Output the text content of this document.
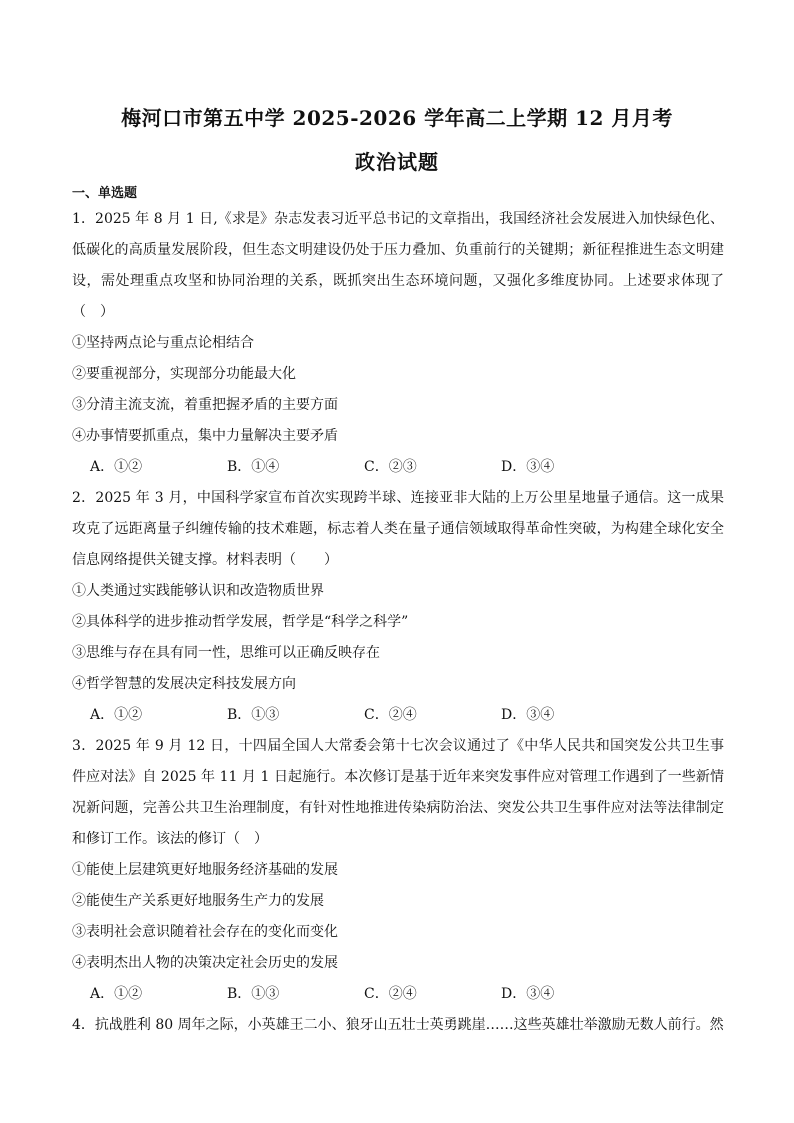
梅河口市第五中学 2025-2026 学年高二上学期 12 月月考
政治试题
一、单选题
1．2025 年 8 月 1 日,《求是》杂志发表习近平总书记的文章指出，我国经济社会发展进入加快绿色化、低碳化的高质量发展阶段，但生态文明建设仍处于压力叠加、负重前行的关键期；新征程推进生态文明建设，需处理重点攻坚和协同治理的关系，既抓突出生态环境问题，又强化多维度协同。上述要求体现了（　）
①坚持两点论与重点论相结合
②要重视部分，实现部分功能最大化
③分清主流支流，着重把握矛盾的主要方面
④办事情要抓重点，集中力量解决主要矛盾
A．①②	B．①④	C．②③	D．③④
2．2025 年 3 月，中国科学家宣布首次实现跨半球、连接亚非大陆的上万公里星地量子通信。这一成果攻克了远距离量子纠缠传输的技术难题，标志着人类在量子通信领域取得革命性突破，为构建全球化安全信息网络提供关键支撑。材料表明（　　）
①人类通过实践能够认识和改造物质世界
②具体科学的进步推动哲学发展，哲学是“科学之科学”
③思维与存在具有同一性，思维可以正确反映存在
④哲学智慧的发展决定科技发展方向
A．①②	B．①③	C．②④	D．③④
3．2025 年 9 月 12 日，十四届全国人大常委会第十七次会议通过了《中华人民共和国突发公共卫生事件应对法》自 2025 年 11 月 1 日起施行。本次修订是基于近年来突发事件应对管理工作遇到了一些新情况新问题，完善公共卫生治理制度，有针对性地推进传染病防治法、突发公共卫生事件应对法等法律制定和修订工作。该法的修订（　）
①能使上层建筑更好地服务经济基础的发展
②能使生产关系更好地服务生产力的发展
③表明社会意识随着社会存在的变化而变化
④表明杰出人物的决策决定社会历史的发展
A．①②	B．①③	C．②④	D．③④
4．抗战胜利 80 周年之际，小英雄王二小、狼牙山五壮士英勇跳崖……这些英雄壮举激励无数人前行。然
